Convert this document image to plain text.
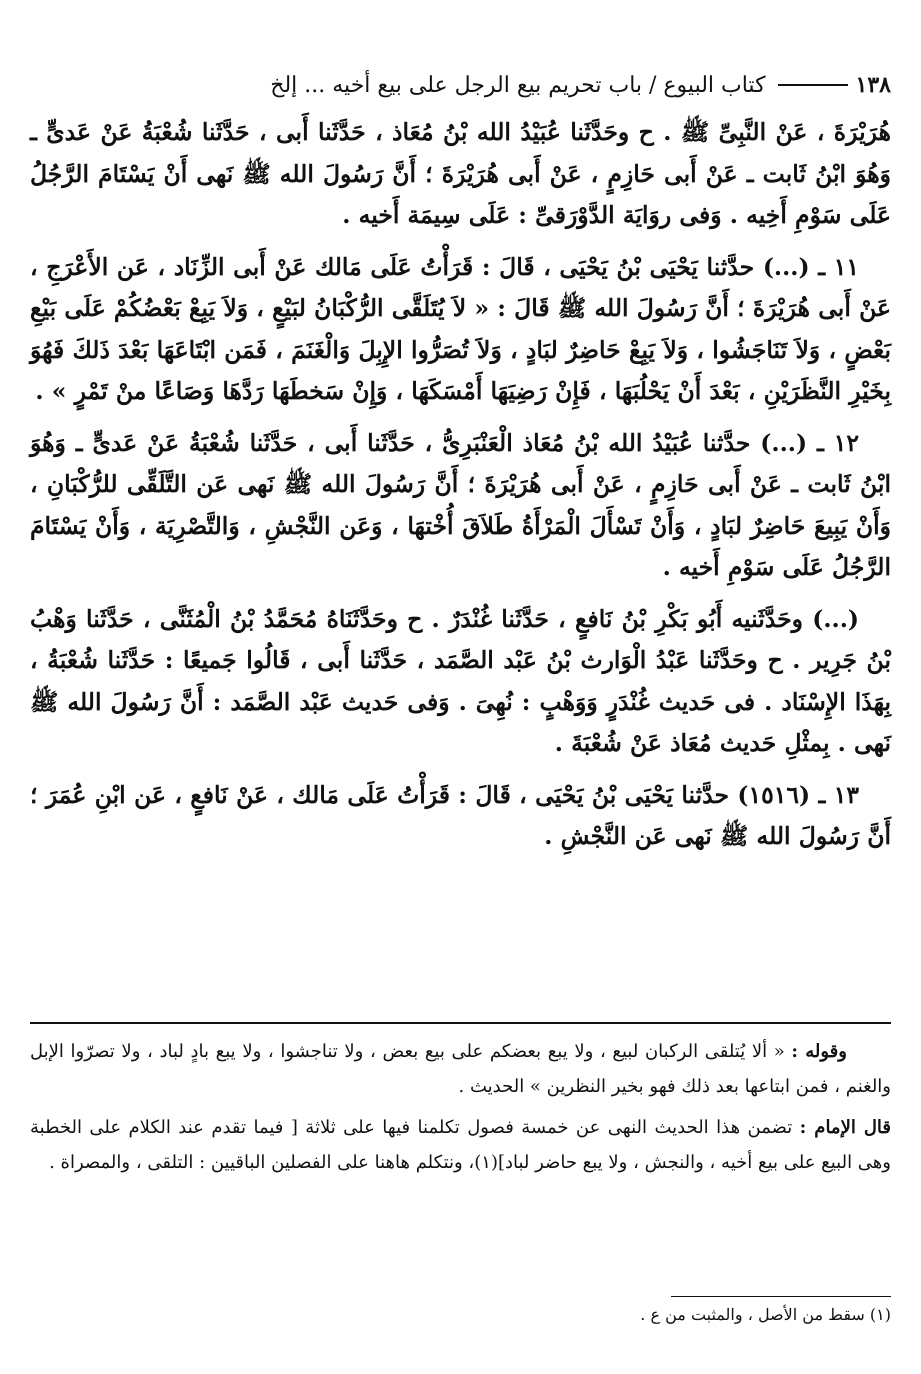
١٣٨
كتاب البيوع / باب تحريم بيع الرجل على بيع أخيه ... إلخ

هُرَيْرَةَ ، عَنْ النَّبِىِّ ﷺ . ح وحَدَّثَنا عُبَيْدُ الله بْنُ مُعَاذ ، حَدَّثَنا أَبى ، حَدَّثَنا شُعْبَةُ عَنْ عَدىٍّ ـ وَهُوَ ابْنُ ثَابت ـ عَنْ أَبى حَازِمٍ ، عَنْ أَبى هُرَيْرَةَ ؛ أَنَّ رَسُولَ الله ﷺ نَهى أَنْ يَسْتَامَ الرَّجُلُ عَلَى سَوْمِ أَخِيه . وَفى روَايَة الدَّوْرَقىِّ : عَلَى سِيمَة أَخيه .

١١ ـ (...) حدَّثنا يَحْيَى بْنُ يَحْيَى ، قَالَ : قَرَأْتُ عَلَى مَالك عَنْ أَبى الزِّنَاد ، عَن الأَعْرَجِ ، عَنْ أَبى هُرَيْرَةَ ؛ أَنَّ رَسُولَ الله ﷺ قَالَ : « لاَ يُتَلَقَّى الرُّكْبَانُ لبَيْعٍ ، وَلاَ يَبِعْ بَعْضُكُمْ عَلَى بَيْعِ بَعْضٍ ، وَلاَ تَنَاجَشُوا ، وَلاَ يَبِعْ حَاضِرٌ لبَادٍ ، وَلاَ تُصَرُّوا الإِبِلَ وَالْغَنَمَ ، فَمَن ابْتَاعَهَا بَعْدَ ذَلكَ فَهُوَ بِخَيْرِ النَّظَرَيْنِ ، بَعْدَ أَنْ يَحْلُبَهَا ، فَإِنْ رَضِيَهَا أَمْسَكَهَا ، وَإِنْ سَخطَهَا رَدَّهَا وَصَاعًا منْ تَمْرٍ » .

١٢ ـ (...) حدَّثنا عُبَيْدُ الله بْنُ مُعَاذ الْعَنْبَرِىُّ ، حَدَّثَنا أَبى ، حَدَّثَنا شُعْبَةُ عَنْ عَدىٍّ ـ وَهُوَ ابْنُ ثَابت ـ عَنْ أَبى حَازِمٍ ، عَنْ أَبى هُرَيْرَةَ ؛ أَنَّ رَسُولَ الله ﷺ نَهى عَن التَّلَقِّى للرُّكْبَانِ ، وَأَنْ يَبِيعَ حَاضِرٌ لبَادٍ ، وَأَنْ تَسْأَلَ الْمَرْأَةُ طَلاَقَ أُخْتهَا ، وَعَن النَّجْشِ ، وَالتَّصْرِيَة ، وَأَنْ يَسْتَامَ الرَّجُلُ عَلَى سَوْمِ أَخيه .

(...) وحَدَّثَنيه أَبُو بَكْرِ بْنُ نَافعٍ ، حَدَّثَنا غُنْدَرٌ . ح وحَدَّثَنَاهُ مُحَمَّدُ بْنُ الْمُثَنَّى ، حَدَّثَنا وَهْبُ بْنُ جَرِير . ح وحَدَّثَنا عَبْدُ الْوَارث بْنُ عَبْد الصَّمَد ، حَدَّثَنا أَبى ، قَالُوا جَميعًا : حَدَّثَنا شُعْبَةُ ، بِهَذَا الإِسْنَاد . فى حَديث غُنْدَرٍ وَوَهْبٍ : نُهِىَ . وَفى حَديث عَبْد الصَّمَد : أَنَّ رَسُولَ الله ﷺ نَهى . بِمثْلِ حَديث مُعَاذ عَنْ شُعْبَةَ .

١٣ ـ (١٥١٦) حدَّثنا يَحْيَى بْنُ يَحْيَى ، قَالَ : قَرَأْتُ عَلَى مَالك ، عَنْ نَافعٍ ، عَن ابْنِ عُمَرَ ؛ أَنَّ رَسُولَ الله ﷺ نَهى عَن النَّجْشِ .

وقوله : « ألا يُتلقى الركبان لبيع ، ولا يبع بعضكم على بيع بعض ، ولا تناجشوا ، ولا يبع بادٍ لباد ، ولا تصرّوا الإبل والغنم ، فمن ابتاعها بعد ذلك فهو بخير النظرين » الحديث .

قال الإمام : تضمن هذا الحديث النهى عن خمسة فصول تكلمنا فيها على ثلاثة [ فيما تقدم عند الكلام على الخطبة وهى البيع على بيع أخيه ، والنجش ، ولا يبع حاضر لباد](١)، ونتكلم هاهنا على الفصلين الباقيين : التلقى ، والمصراة .

(١) سقط من الأصل ، والمثبت من ع .
